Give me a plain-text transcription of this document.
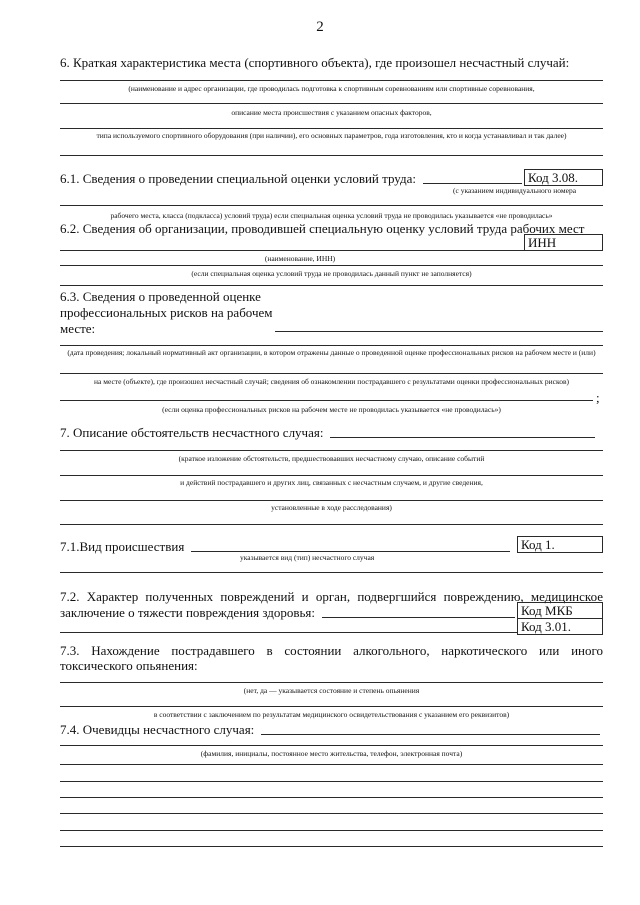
2
6. Краткая характеристика места (спортивного объекта), где произошел несчастный случай:
(наименование и адрес организации, где проводилась подготовка к спортивным соревнованиям или спортивные соревнования,
описание места происшествия с указанием опасных факторов,
типа используемого спортивного оборудования (при наличии), его основных параметров, года изготовления, кто и когда устанавливал и так далее)
6.1. Сведения о проведении специальной оценки условий труда:	Код 3.08.
(с указанием индивидуального номера
рабочего места, класса (подкласса) условий труда) если специальная оценка условий труда не проводилась указывается «не проводилась»
6.2. Сведения об организации, проводившей специальную оценку условий труда рабочих мест
ИНН
(наименование, ИНН)
(если специальная оценка условий труда не проводилась данный пункт не заполняется)
6.3. Сведения о проведенной оценке
профессиональных рисков на рабочем
месте:
(дата проведения; локальный нормативный акт организации, в котором отражены данные о проведенной оценке профессиональных рисков на рабочем месте и (или)
на месте (объекте), где произошел несчастный случай; сведения об ознакомлении пострадавшего с результатами оценки профессиональных рисков)
;
(если оценка профессиональных рисков на рабочем месте не проводилась указывается «не проводилась»)
7. Описание обстоятельств несчастного случая:
(краткое изложение обстоятельств, предшествовавших несчастному случаю, описание событий
и действий пострадавшего и других лиц, связанных с несчастным случаем, и другие сведения,
установленные в ходе расследования)
7.1.Вид происшествия	Код 1.
указывается вид (тип) несчастного случая
7.2. Характер полученных повреждений и орган, подвергшийся повреждению, медицинское
заключение о тяжести повреждения здоровья:	Код МКБ
Код 3.01.
7.3. Нахождение пострадавшего в состоянии алкогольного, наркотического или иного
токсического опьянения:
(нет, да — указывается состояние и степень опьянения
в соответствии с заключением по результатам медицинского освидетельствования с указанием его реквизитов)
7.4. Очевидцы несчастного случая:
(фамилия, инициалы, постоянное место жительства, телефон, электронная почта)
